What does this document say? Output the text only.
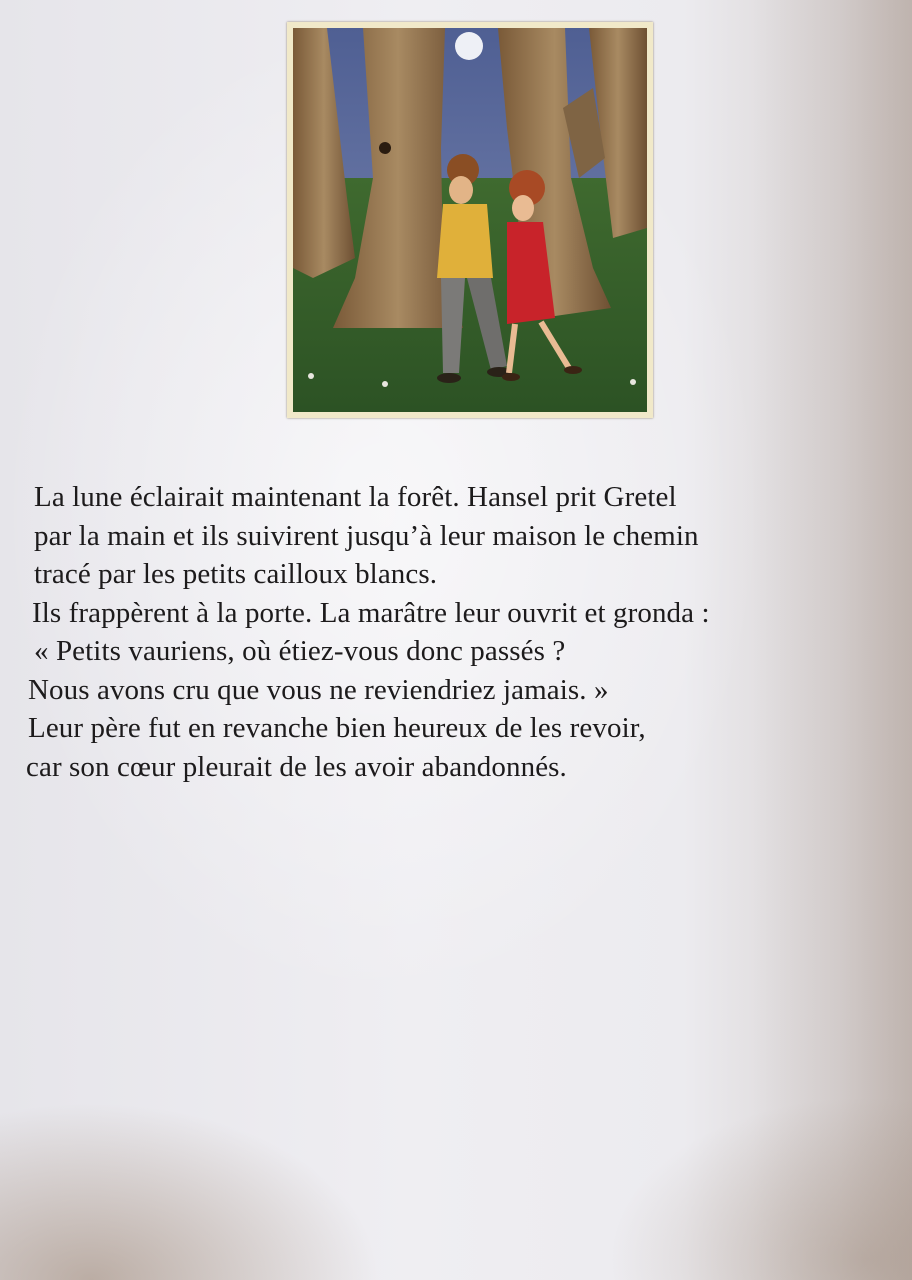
La lune éclairait maintenant la forêt. Hansel prit Gretel
par la main et ils suivirent jusqu’à leur maison le chemin
tracé par les petits cailloux blancs.
Ils frappèrent à la porte. La marâtre leur ouvrit et gronda :
« Petits vauriens, où étiez-vous donc passés ?
Nous avons cru que vous ne reviendriez jamais. »
Leur père fut en revanche bien heureux de les revoir,
car son cœur pleurait de les avoir abandonnés.
